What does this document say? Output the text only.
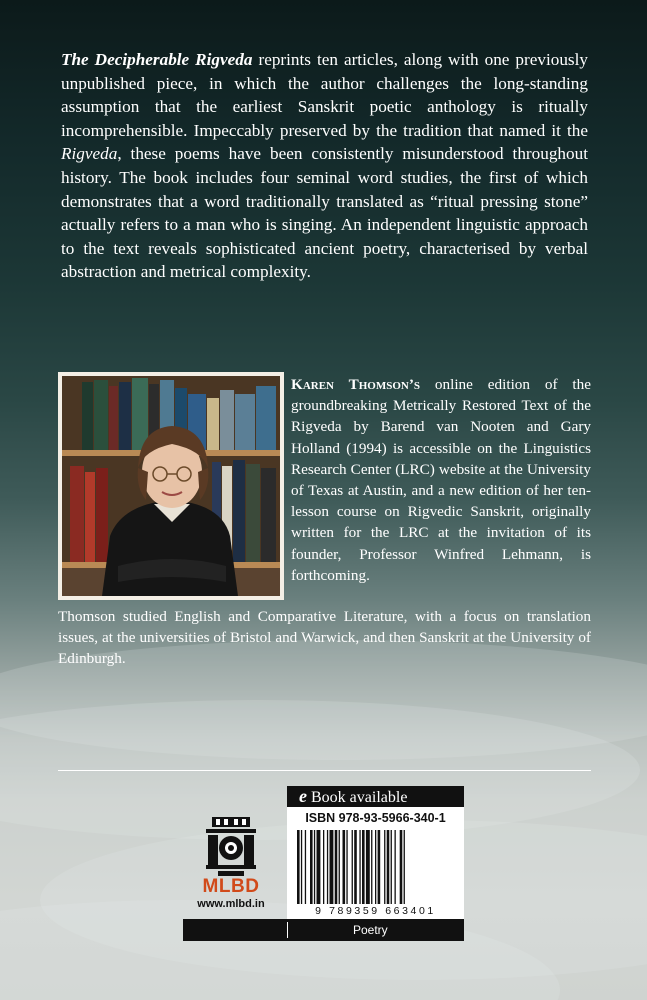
The Decipherable Rigveda reprints ten articles, along with one previously unpublished piece, in which the author challenges the long-standing assumption that the earliest Sanskrit poetic anthology is ritually incomprehensible. Impeccably preserved by the tradition that named it the Rigveda, these poems have been consistently misunderstood throughout history. The book includes four seminal word studies, the first of which demonstrates that a word traditionally translated as “ritual pressing stone” actually refers to a man who is singing. An independent linguistic approach to the text reveals sophisticated ancient poetry, characterised by verbal abstraction and metrical complexity.

Karen Thomson’s online edition of the groundbreaking Metrically Restored Text of the Rigveda by Barend van Nooten and Gary Holland (1994) is accessible on the Linguistics Research Center (LRC) website at the University of Texas at Austin, and a new edition of her ten-lesson course on Rigvedic Sanskrit, originally written for the LRC at the invitation of its founder, Professor Winfred Lehmann, is forthcoming.

Thomson studied English and Comparative Literature, with a focus on translation issues, at the universities of Bristol and Warwick, and then Sanskrit at the University of Edinburgh.

MLBD
www.mlbd.in
e Book available
ISBN 978-93-5966-340-1
9 789359 663401
Poetry
